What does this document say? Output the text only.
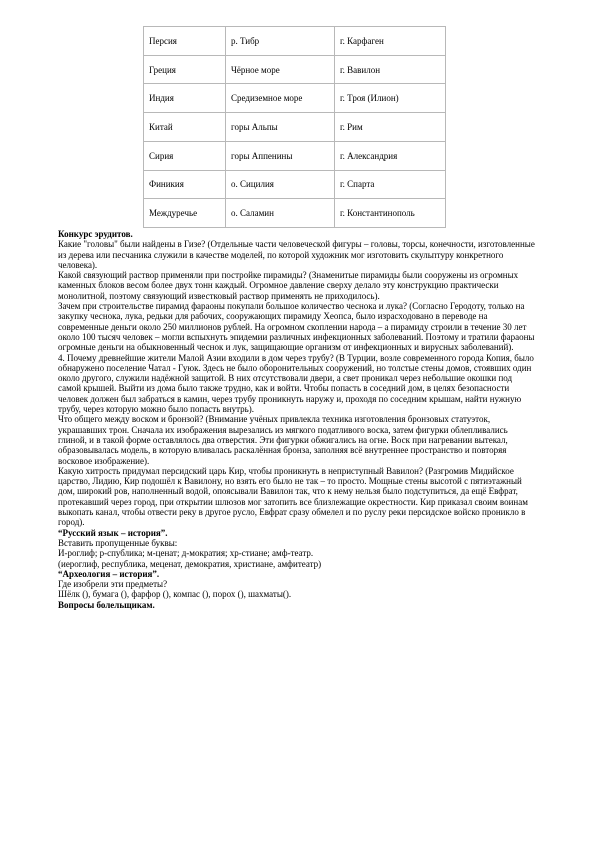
Персия	р. Тибр	г. Карфаген
Греция	Чёрное море	г. Вавилон
Индия	Средиземное море	г. Троя (Илион)
Китай	горы Альпы	г. Рим
Сирия	горы Аппенины	г. Александрия
Финикия	о. Сицилия	г. Спарта
Междуречье	о. Саламин	г. Константинополь

Конкурс эрудитов.

Какие "головы" были найдены в Гизе? (Отдельные части человеческой фигуры – головы, торсы, конечности, изготовленные из дерева или песчаника служили в качестве моделей, по которой художник мог изготовить скульптуру конкретного человека).

Какой связующий раствор применяли при постройке пирамиды? (Знаменитые пирамиды были сооружены из огромных каменных блоков весом более двух тонн каждый. Огромное давление сверху делало эту конструкцию практически монолитной, поэтому связующий известковый раствор применять не приходилось).

Зачем при строительстве пирамид фараоны покупали большое количество чеснока и лука? (Согласно Геродоту, только на закупку чеснока, лука, редьки для рабочих, сооружающих пирамиду Хеопса, было израсходовано в переводе на современные деньги около 250 миллионов рублей. На огромном скоплении народа – а пирамиду строили в течение 30 лет около 100 тысяч человек – могли вспыхнуть эпидемии различных инфекционных заболеваний. Поэтому и тратили фараоны огромные деньги на обыкновенный чеснок и лук, защищающие организм от инфекционных и вирусных заболеваний).

4. Почему древнейшие жители Малой Азии входили в дом через трубу? (В Турции, возле современного города Копия, было обнаружено поселение Чатал - Гуюк. Здесь не было оборонительных сооружений, но толстые стены домов, стоявших один около другого, служили надёжной защитой. В них отсутствовали двери, а свет проникал через небольшие окошки под самой крышей. Выйти из дома было также трудно, как и войти. Чтобы попасть в соседний дом, в целях безопасности человек должен был забраться в камин, через трубу проникнуть наружу и, проходя по соседним крышам, найти нужную трубу, через которую можно было попасть внутрь).

Что общего между воском и бронзой? (Внимание учёных привлекла техника изготовления бронзовых статуэток, украшавших трон. Сначала их изображения вырезались из мягкого податливого воска, затем фигурки облепливались глиной, и в такой форме оставлялось два отверстия. Эти фигурки обжигались на огне. Воск при нагревании вытекал, образовывалась модель, в которую вливалась раскалённая бронза, заполняя всё внутреннее пространство и повторяя восковое изображение).

Какую хитрость придумал персидский царь Кир, чтобы проникнуть в неприступный Вавилон? (Разгромив Мидийское царство, Лидию, Кир подошёл к Вавилону, но взять его было не так – то просто. Мощные стены высотой с пятиэтажный дом, широкий ров, наполненный водой, опоясывали Вавилон так, что к нему нельзя было подступиться, да ещё Евфрат, протекавший через город, при открытии шлюзов мог затопить все близлежащие окрестности. Кир приказал своим воинам выкопать канал, чтобы отвести реку в другое русло, Евфрат сразу обмелел и по руслу реки персидское войско проникло в город).

“Русский язык – история”.

Вставить пропущенные буквы:

И-роглиф; р-спублика; м-ценат; д-мократия; хр-стиане; амф-театр.

(иероглиф, республика, меценат, демократия, христиане, амфитеатр)

“Археология – история”.

Где изобрели эти предметы?

Шёлк (), бумага (), фарфор (), компас (), порох (), шахматы().

Вопросы болельщикам.
